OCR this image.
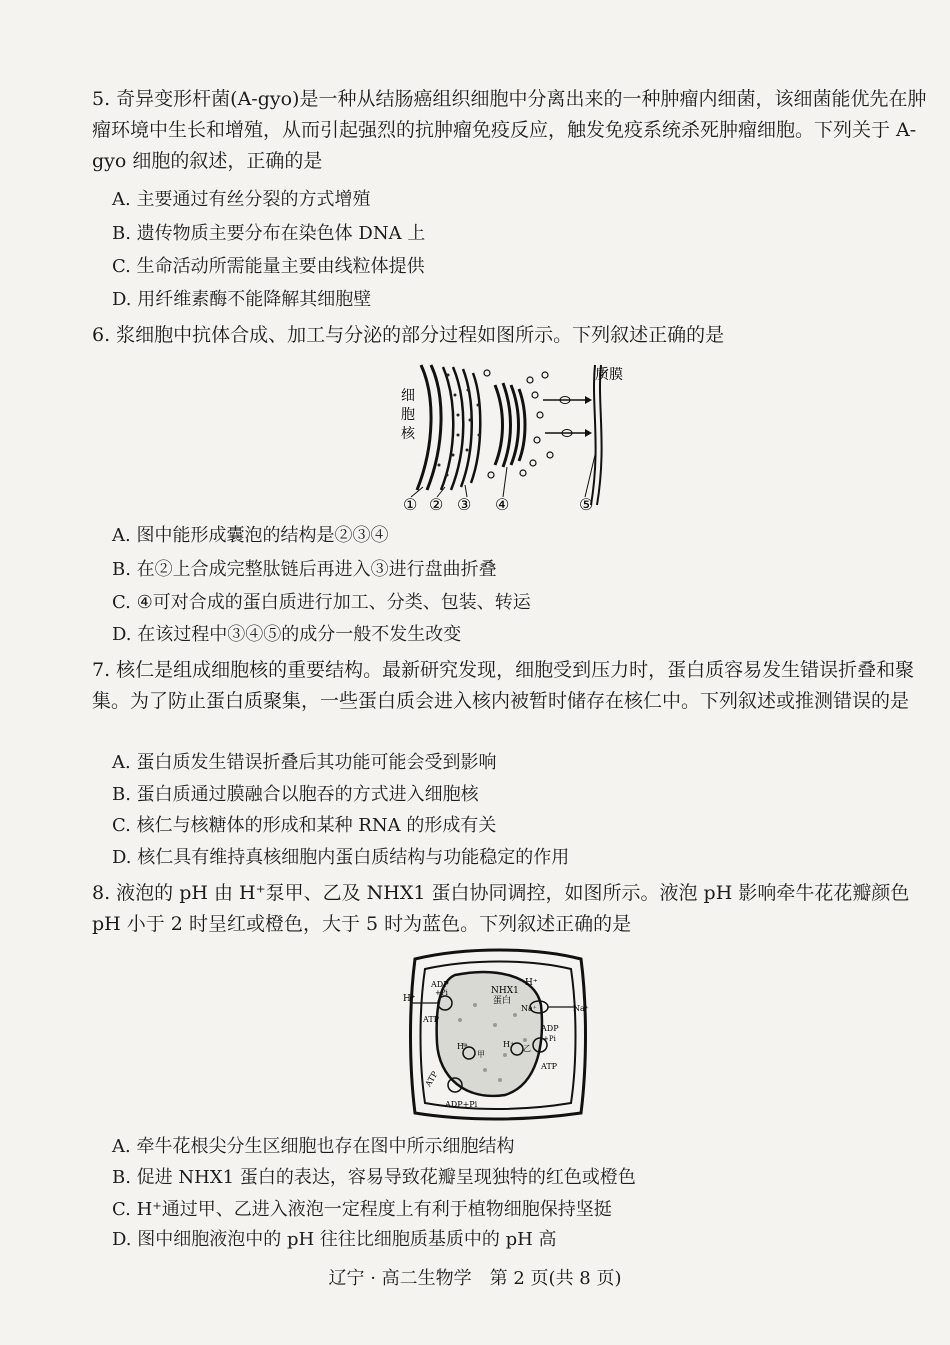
5. 奇异变形杆菌(A-gyo)是一种从结肠癌组织细胞中分离出来的一种肿瘤内细菌，该细菌能优先在肿瘤环境中生长和增殖，从而引起强烈的抗肿瘤免疫反应，触发免疫系统杀死肿瘤细胞。下列关于 A-gyo 细胞的叙述，正确的是
A. 主要通过有丝分裂的方式增殖
B. 遗传物质主要分布在染色体 DNA 上
C. 生命活动所需能量主要由线粒体提供
D. 用纤维素酶不能降解其细胞壁
6. 浆细胞中抗体合成、加工与分泌的部分过程如图所示。下列叙述正确的是
细
胞
核
质膜
① ② ③ ④	⑤
A. 图中能形成囊泡的结构是②③④
B. 在②上合成完整肽链后再进入③进行盘曲折叠
C. ④可对合成的蛋白质进行加工、分类、包装、转运
D. 在该过程中③④⑤的成分一般不发生改变
7. 核仁是组成细胞核的重要结构。最新研究发现，细胞受到压力时，蛋白质容易发生错误折叠和聚集。为了防止蛋白质聚集，一些蛋白质会进入核内被暂时储存在核仁中。下列叙述或推测错误的是
A. 蛋白质发生错误折叠后其功能可能会受到影响
B. 蛋白质通过膜融合以胞吞的方式进入细胞核
C. 核仁与核糖体的形成和某种 RNA 的形成有关
D. 核仁具有维持真核细胞内蛋白质结构与功能稳定的作用
8. 液泡的 pH 由 H⁺泵甲、乙及 NHX1 蛋白协同调控，如图所示。液泡 pH 影响牵牛花花瓣颜色 pH 小于 2 时呈红或橙色，大于 5 时为蓝色。下列叙述正确的是
H⁺
ADP
+Pi
ATP
NHX1
蛋白
H⁺
Na⁺	Na⁺
ADP
+Pi
ATP
H⁺
甲
H⁺ 乙
ATP
ADP+Pi
A. 牵牛花根尖分生区细胞也存在图中所示细胞结构
B. 促进 NHX1 蛋白的表达，容易导致花瓣呈现独特的红色或橙色
C. H⁺通过甲、乙进入液泡一定程度上有利于植物细胞保持坚挺
D. 图中细胞液泡中的 pH 往往比细胞质基质中的 pH 高
辽宁 · 高二生物学　第 2 页(共 8 页)
